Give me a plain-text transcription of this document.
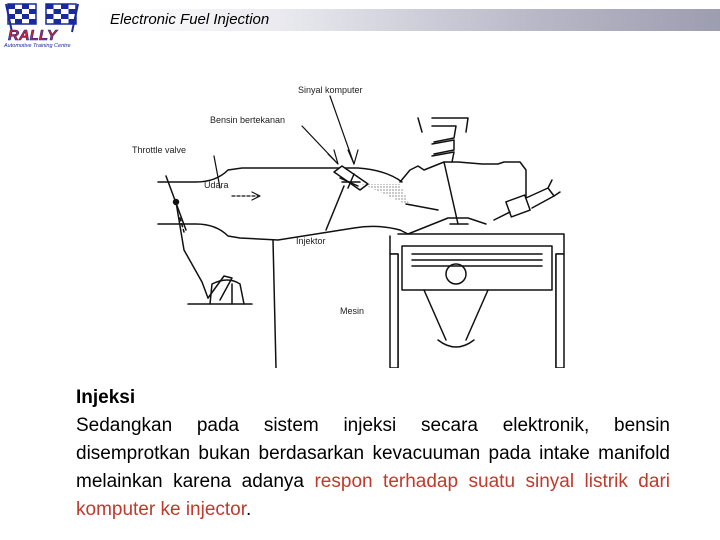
RALLY
Automotive Training Centre
Electronic Fuel Injection
Sinyal komputer
Bensin bertekanan
Throttle valve
Udara
Injektor
Mesin
Injeksi
Sedangkan pada sistem injeksi secara elektronik, bensin disemprotkan bukan berdasarkan kevacuuman pada intake manifold melainkan karena adanya respon terhadap suatu sinyal listrik dari komputer ke injector.
